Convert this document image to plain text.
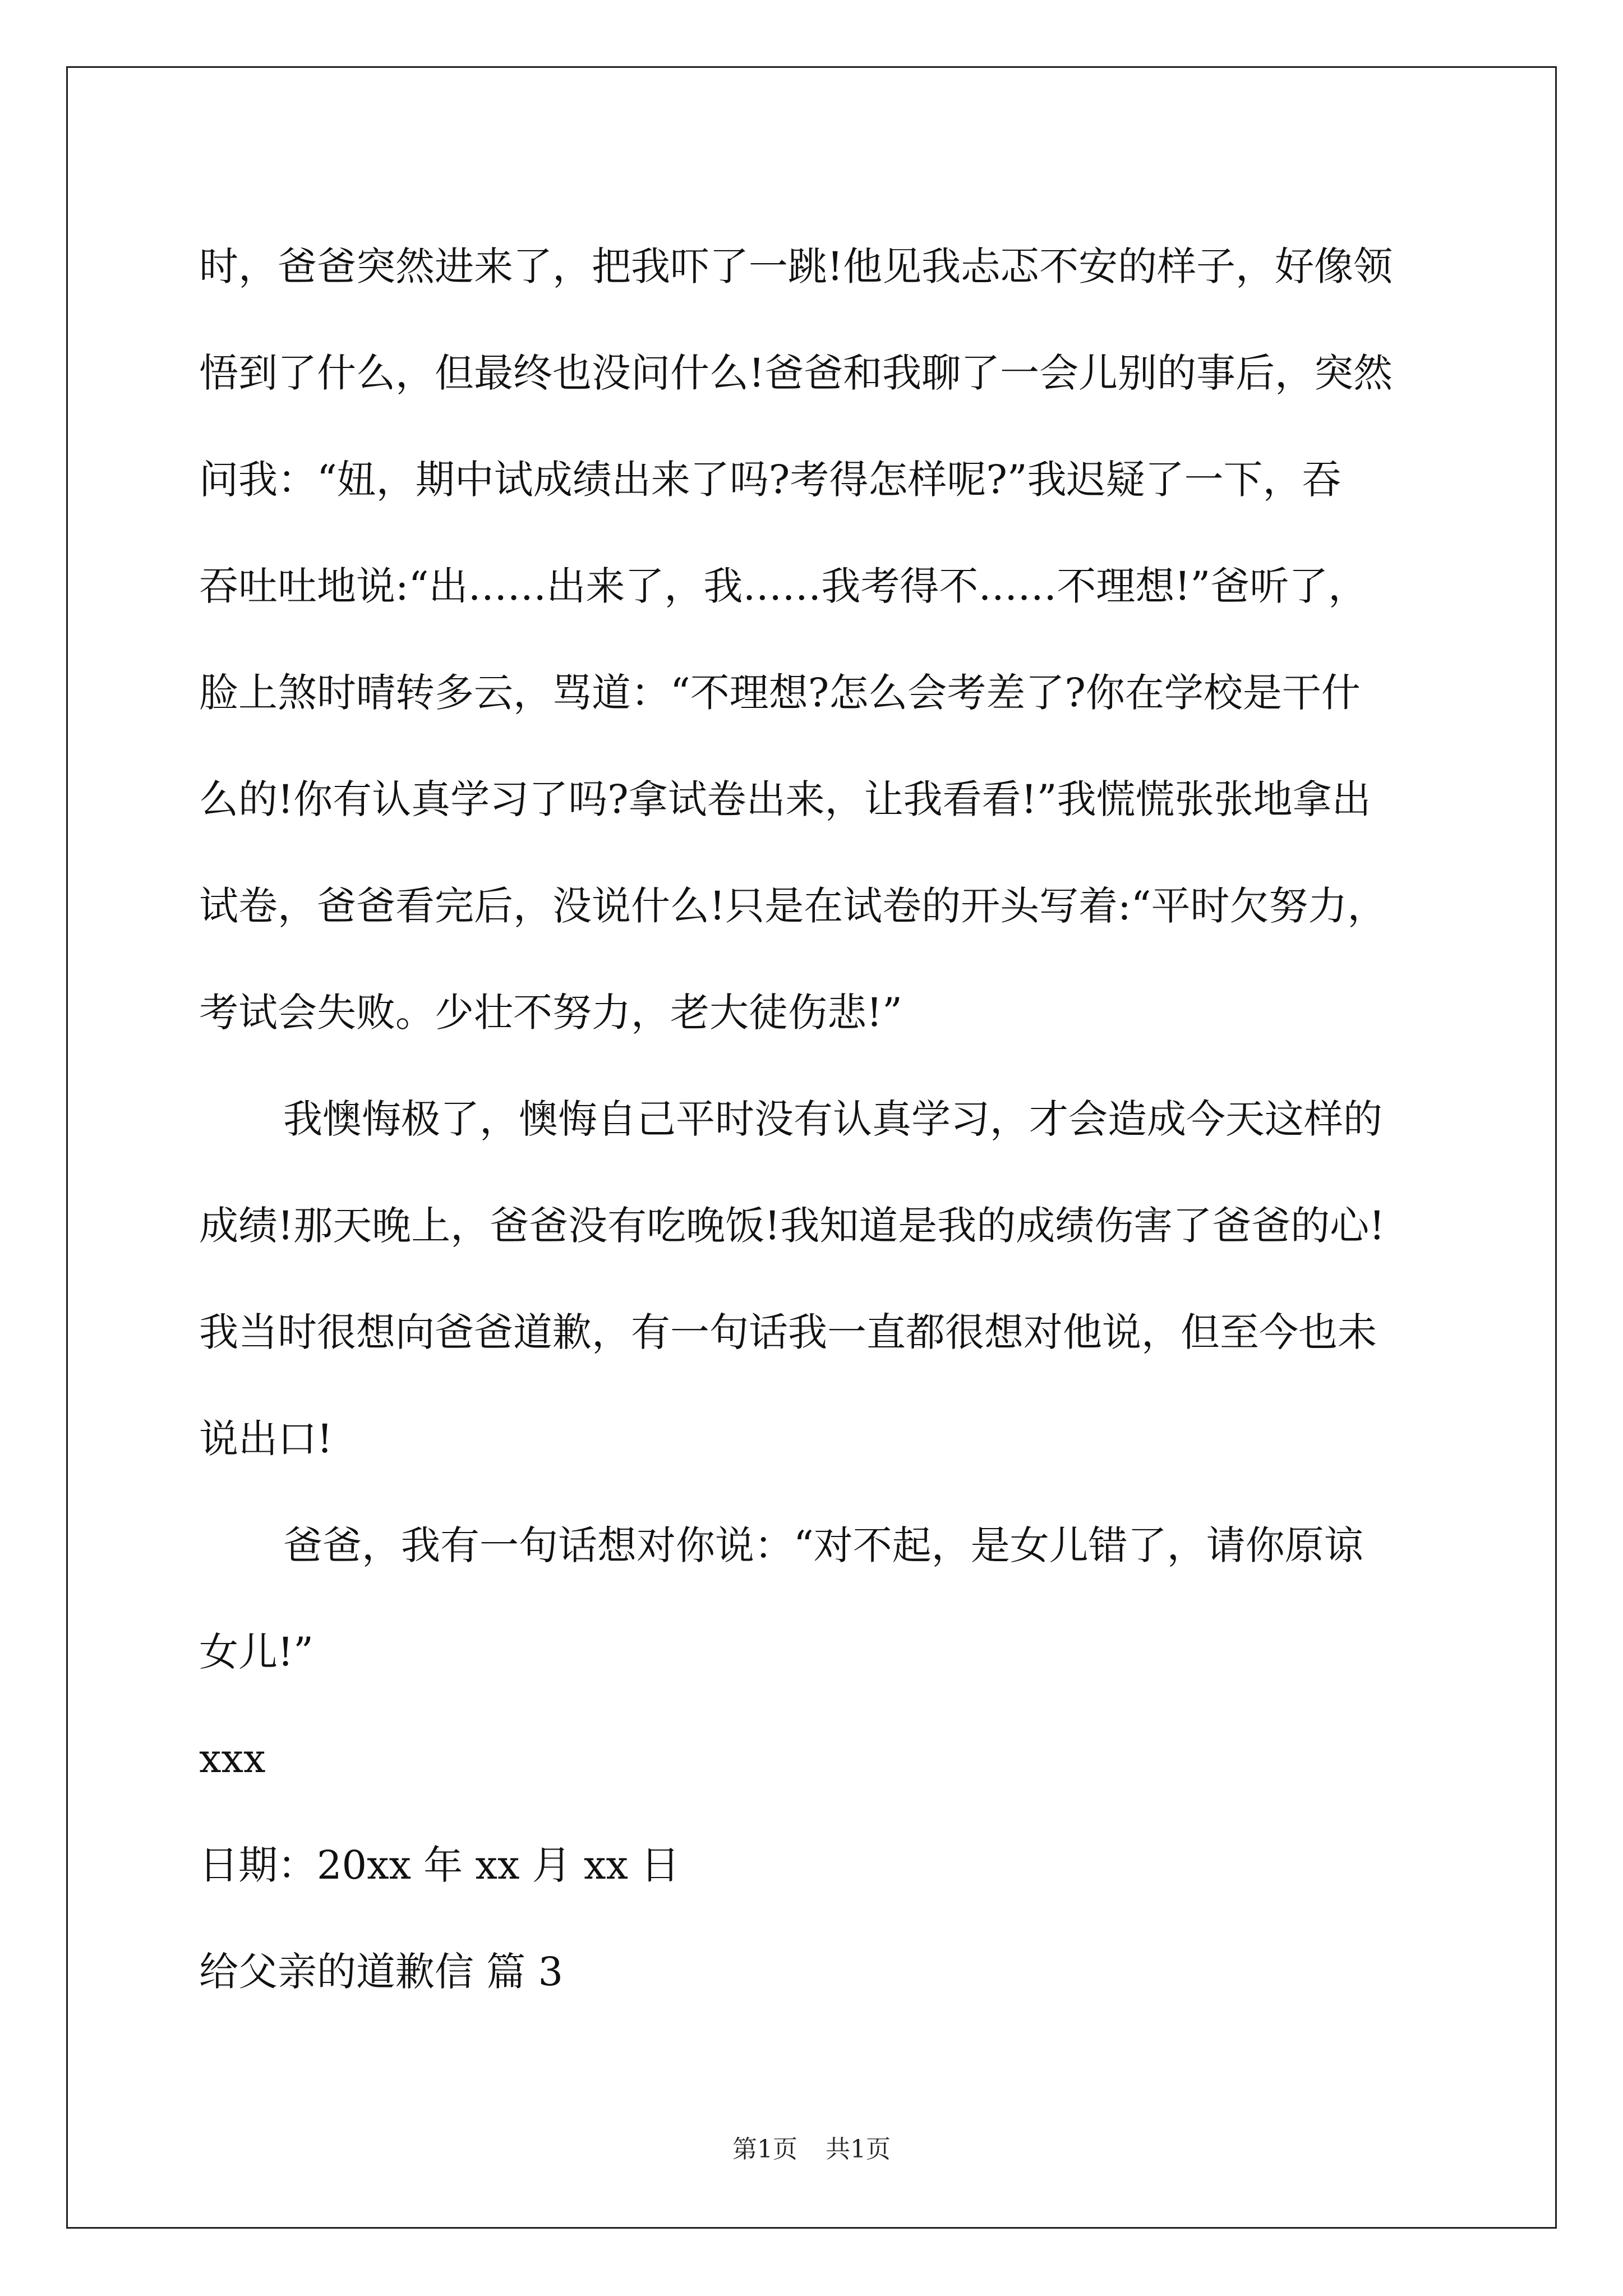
时，爸爸突然进来了，把我吓了一跳!他见我忐忑不安的样子，好像领

悟到了什么，但最终也没问什么!爸爸和我聊了一会儿别的事后，突然

问我：“妞，期中试成绩出来了吗?考得怎样呢?”我迟疑了一下，吞

吞吐吐地说:“出……出来了，我……我考得不……不理想!”爸听了，

脸上煞时晴转多云，骂道：“不理想?怎么会考差了?你在学校是干什

么的!你有认真学习了吗?拿试卷出来，让我看看!”我慌慌张张地拿出

试卷，爸爸看完后，没说什么!只是在试卷的开头写着:“平时欠努力，

考试会失败。少壮不努力，老大徒伤悲!”

我懊悔极了，懊悔自己平时没有认真学习，才会造成今天这样的

成绩!那天晚上，爸爸没有吃晚饭!我知道是我的成绩伤害了爸爸的心!

我当时很想向爸爸道歉，有一句话我一直都很想对他说，但至今也未

说出口!

爸爸，我有一句话想对你说：“对不起，是女儿错了，请你原谅

女儿!”

xxx

日期：20xx 年 xx 月 xx 日

给父亲的道歉信 篇 3

第1页 共1页
